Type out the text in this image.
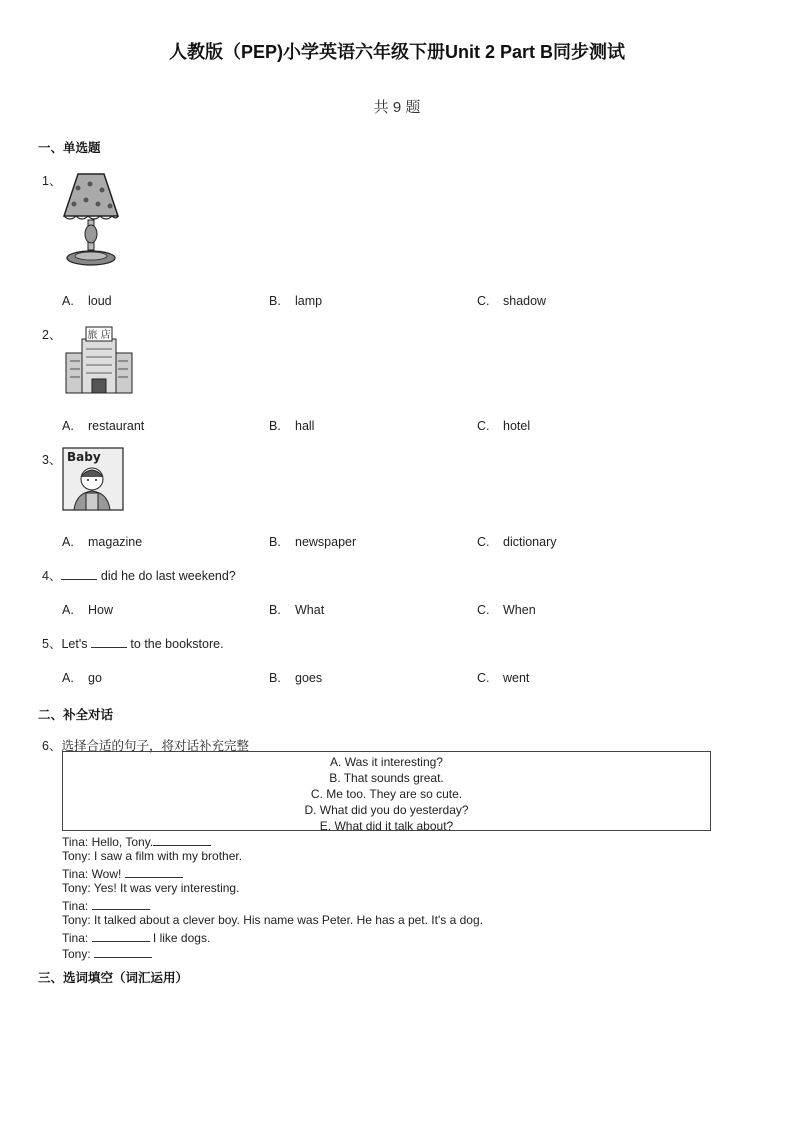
人教版（PEP)小学英语六年级下册Unit 2 Part B同步测试
共 9 题
一、单选题
1、
A. loud	B. lamp	C. shadow
2、	旅 店
A. restaurant	B. hall	C. hotel
3、 Baby
A. magazine	B. newspaper	C. dictionary
4、	did he do last weekend?
A. How	B. What	C. When
5、Let's	to the bookstore.
A. go	B. goes	C. went
二、补全对话
6、选择合适的句子，将对话补充完整
A. Was it interesting?
B. That sounds great.
C. Me too. They are so cute.
D. What did you do yesterday?
E. What did it talk about?
Tina: Hello, Tony.
Tony: I saw a film with my brother.
Tina: Wow!
Tony: Yes! It was very interesting.
Tina:
Tony: It talked about a clever boy. His name was Peter. He has a pet. It's a dog.
Tina:	I like dogs.
Tony:
三、选词填空（词汇运用）
